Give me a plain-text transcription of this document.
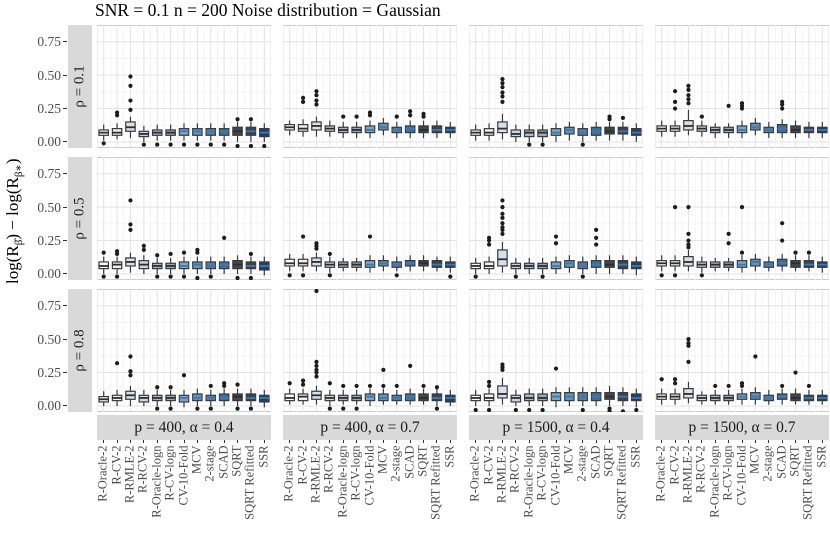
SNR = 0.1 n = 200 Noise distribution = Gaussian
$\log(R_{\betâ}) - \log(R_{\beta∗})$
ρ = 0.1
0.00
0.25
0.50
0.75
ρ = 0.5
0.00
0.25
0.50
0.75
ρ = 0.8
0.00
0.25
0.50
0.75
p = 400, α = 0.4
R-Oracle-2 R-CV-2 R-RMLE-2 R-RCV-2 R-Oracle-logn R-CV-logn CV-10-Fold MCV 2-stage SCAD SQRT SQRT Refitted SSR
p = 400, α = 0.7
R-Oracle-2 R-CV-2 R-RMLE-2 R-RCV-2 R-Oracle-logn R-CV-logn CV-10-Fold MCV 2-stage SCAD SQRT SQRT Refitted SSR
p = 1500, α = 0.4
R-Oracle-2 R-CV-2 R-RMLE-2 R-RCV-2 R-Oracle-logn R-CV-logn CV-10-Fold MCV 2-stage SCAD SQRT SQRT Refitted SSR
p = 1500, α = 0.7
R-Oracle-2 R-CV-2 R-RMLE-2 R-RCV-2 R-Oracle-logn R-CV-logn CV-10-Fold MCV 2-stage SCAD SQRT SQRT Refitted SSR
